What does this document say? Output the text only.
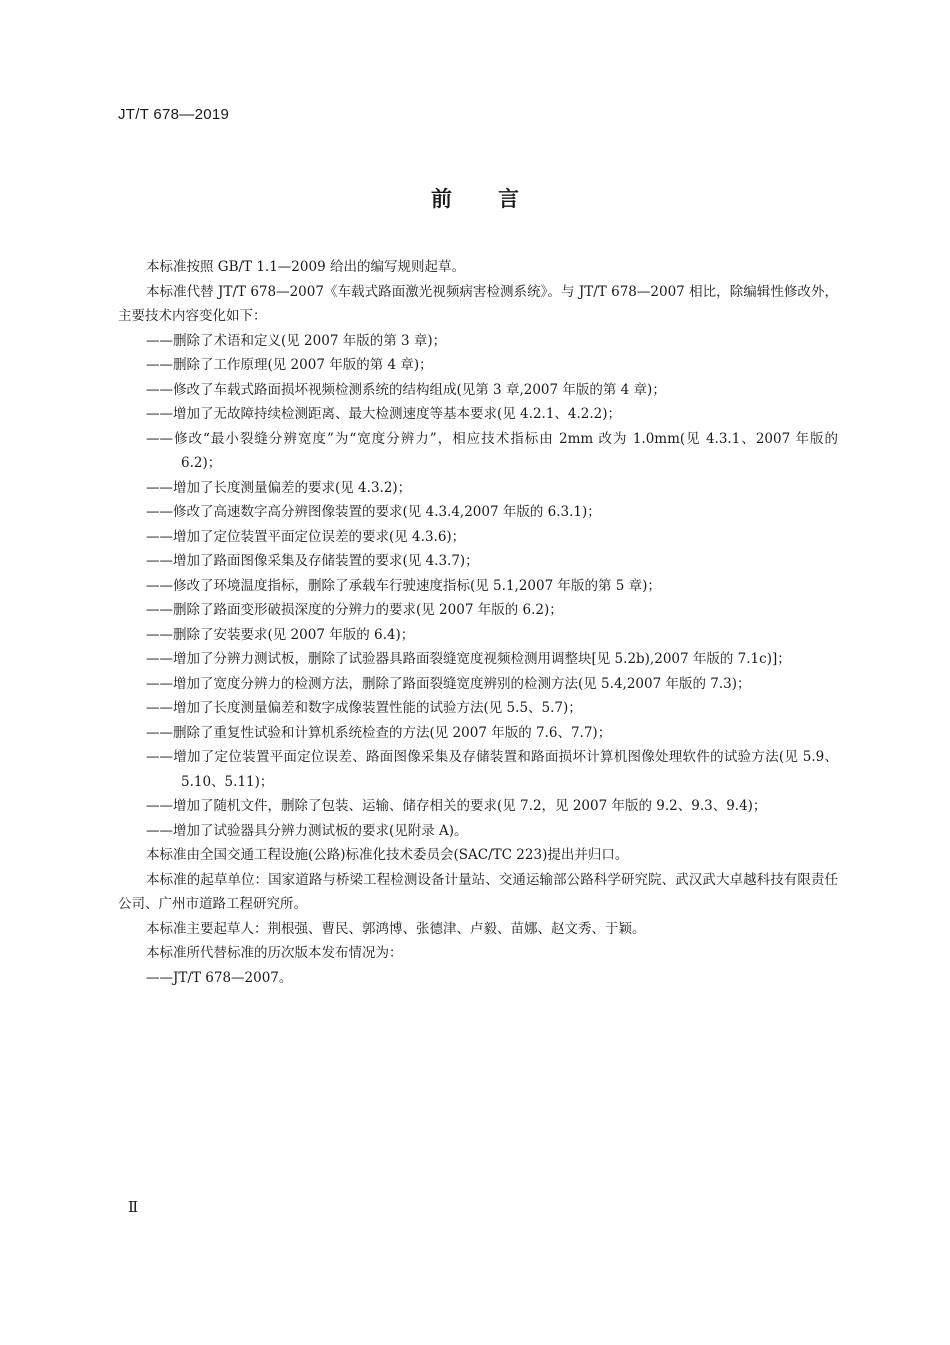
JT/T 678—2019
前 言

本标准按照 GB/T 1.1—2009 给出的编写规则起草。

本标准代替 JT/T 678—2007《车载式路面激光视频病害检测系统》。与 JT/T 678—2007 相比，除编辑性修改外，主要技术内容变化如下：

——删除了术语和定义(见 2007 年版的第 3 章)；

——删除了工作原理(见 2007 年版的第 4 章)；

——修改了车载式路面损坏视频检测系统的结构组成(见第 3 章,2007 年版的第 4 章)；

——增加了无故障持续检测距离、最大检测速度等基本要求(见 4.2.1、4.2.2)；

——修改“最小裂缝分辨宽度”为“宽度分辨力”，相应技术指标由 2mm 改为 1.0mm(见 4.3.1、2007 年版的 6.2)；

——增加了长度测量偏差的要求(见 4.3.2)；

——修改了高速数字高分辨图像装置的要求(见 4.3.4,2007 年版的 6.3.1)；

——增加了定位装置平面定位误差的要求(见 4.3.6)；

——增加了路面图像采集及存储装置的要求(见 4.3.7)；

——修改了环境温度指标，删除了承载车行驶速度指标(见 5.1,2007 年版的第 5 章)；

——删除了路面变形破损深度的分辨力的要求(见 2007 年版的 6.2)；

——删除了安装要求(见 2007 年版的 6.4)；

——增加了分辨力测试板，删除了试验器具路面裂缝宽度视频检测用调整块[见 5.2b),2007 年版的 7.1c)]；

——增加了宽度分辨力的检测方法，删除了路面裂缝宽度辨别的检测方法(见 5.4,2007 年版的 7.3)；

——增加了长度测量偏差和数字成像装置性能的试验方法(见 5.5、5.7)；

——删除了重复性试验和计算机系统检查的方法(见 2007 年版的 7.6、7.7)；

——增加了定位装置平面定位误差、路面图像采集及存储装置和路面损坏计算机图像处理软件的试验方法(见 5.9、5.10、5.11)；

——增加了随机文件，删除了包装、运输、储存相关的要求(见 7.2，见 2007 年版的 9.2、9.3、9.4)；

——增加了试验器具分辨力测试板的要求(见附录 A)。

本标准由全国交通工程设施(公路)标准化技术委员会(SAC/TC 223)提出并归口。

本标准的起草单位：国家道路与桥梁工程检测设备计量站、交通运输部公路科学研究院、武汉武大卓越科技有限责任公司、广州市道路工程研究所。

本标准主要起草人：荆根强、曹民、郭鸿博、张德津、卢毅、苗娜、赵文秀、于颖。

本标准所代替标准的历次版本发布情况为：

——JT/T 678—2007。

Ⅱ
